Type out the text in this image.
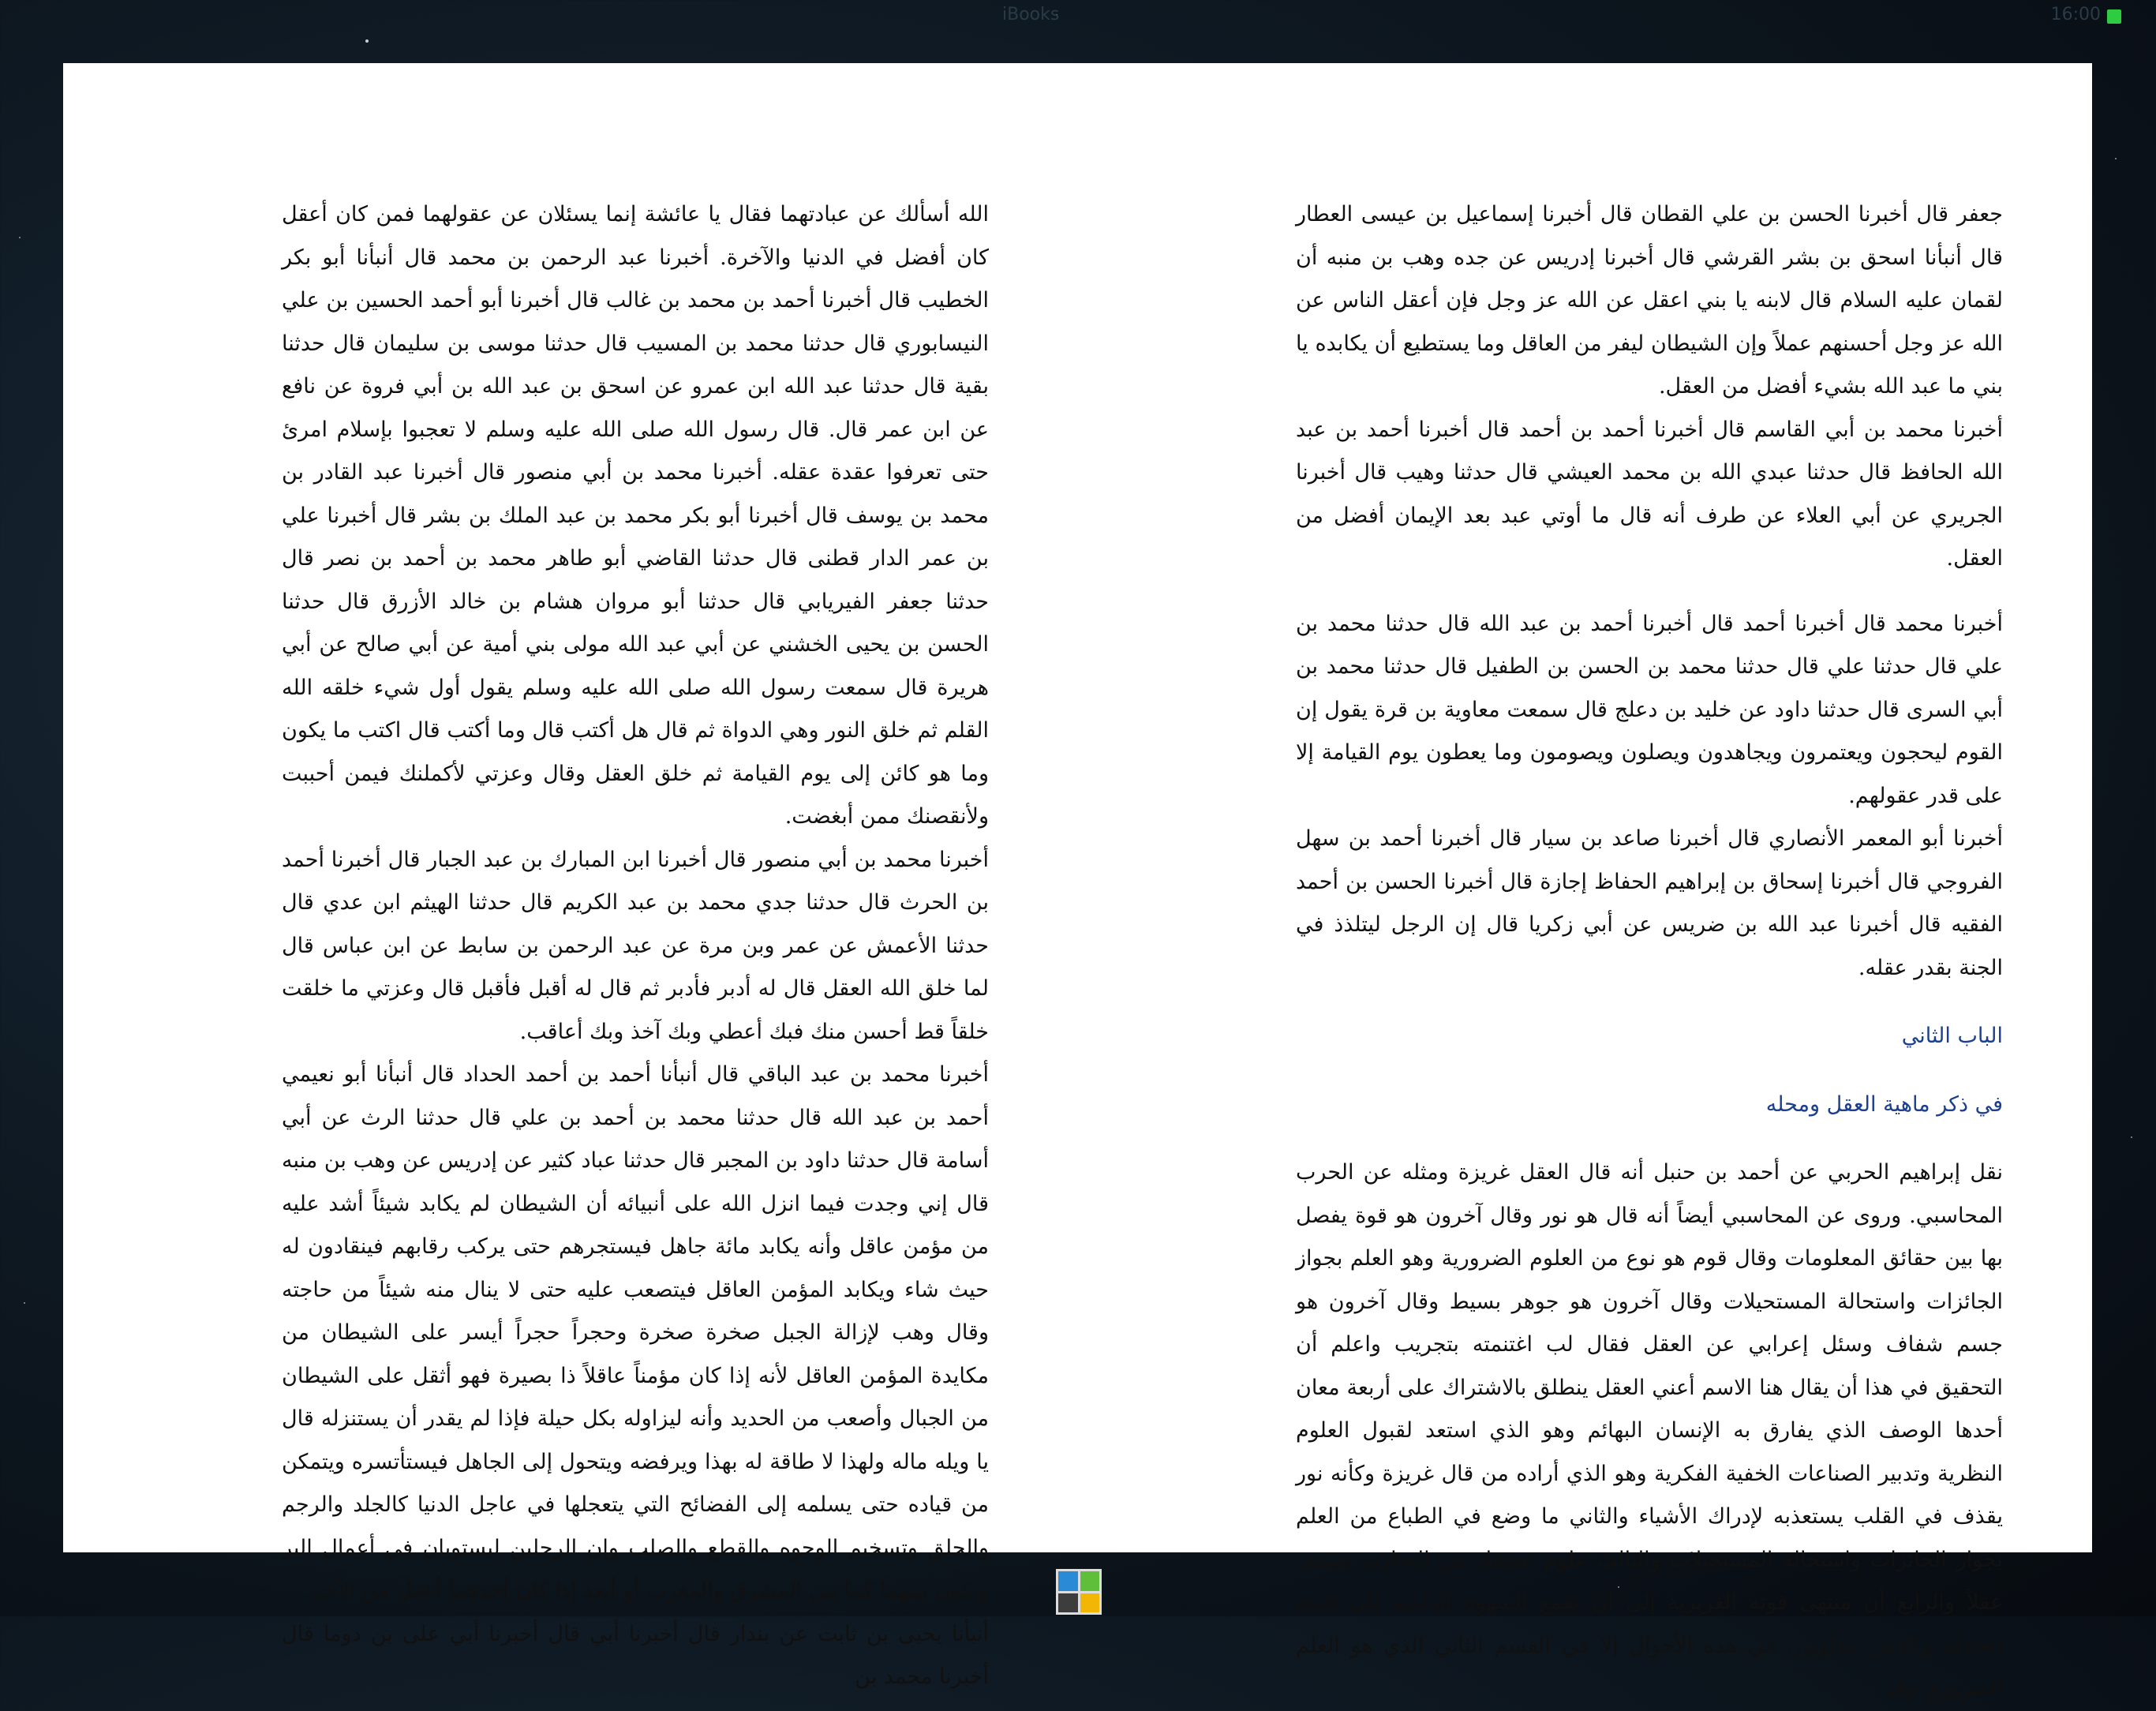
iBooks	16:00

جعفر قال أخبرنا الحسن بن علي القطان قال أخبرنا إسماعيل بن عيسى العطار قال أنبأنا اسحق بن بشر القرشي قال أخبرنا إدريس عن جده وهب بن منبه أن لقمان عليه السلام قال لابنه يا بني اعقل عن الله عز وجل فإن أعقل الناس عن الله عز وجل أحسنهم عملاً وإن الشيطان ليفر من العاقل وما يستطيع أن يكابده يا بني ما عبد الله بشيء أفضل من العقل.

أخبرنا محمد بن أبي القاسم قال أخبرنا أحمد بن أحمد قال أخبرنا أحمد بن عبد الله الحافظ قال حدثنا عبدي الله بن محمد العيشي قال حدثنا وهيب قال أخبرنا الجريري عن أبي العلاء عن طرف أنه قال ما أوتي عبد بعد الإيمان أفضل من العقل.

أخبرنا محمد قال أخبرنا أحمد قال أخبرنا أحمد بن عبد الله قال حدثنا محمد بن علي قال حدثنا علي قال حدثنا محمد بن الحسن بن الطفيل قال حدثنا محمد بن أبي السرى قال حدثنا داود عن خليد بن دعلج قال سمعت معاوية بن قرة يقول إن القوم ليحجون ويعتمرون ويجاهدون ويصلون ويصومون وما يعطون يوم القيامة إلا على قدر عقولهم.

أخبرنا أبو المعمر الأنصاري قال أخبرنا صاعد بن سيار قال أخبرنا أحمد بن سهل الفروجي قال أخبرنا إسحاق بن إبراهيم الحفاظ إجازة قال أخبرنا الحسن بن أحمد الفقيه قال أخبرنا عبد الله بن ضريس عن أبي زكريا قال إن الرجل ليتلذذ في الجنة بقدر عقله.

الباب الثاني

في ذكر ماهية العقل ومحله

نقل إبراهيم الحربي عن أحمد بن حنبل أنه قال العقل غريزة ومثله عن الحرب المحاسبي. وروى عن المحاسبي أيضاً أنه قال هو نور وقال آخرون هو قوة يفصل بها بين حقائق المعلومات وقال قوم هو نوع من العلوم الضرورية وهو العلم بجواز الجائزات واستحالة المستحيلات وقال آخرون هو جوهر بسيط وقال آخرون هو جسم شفاف وسئل إعرابي عن العقل فقال لب اغتنمته بتجريب واعلم أن التحقيق في هذا أن يقال هنا الاسم أعني العقل ينطلق بالاشتراك على أربعة معان أحدها الوصف الذي يفارق به الإنسان البهائم وهو الذي استعد لقبول العلوم النظرية وتدبير الصناعات الخفية الفكرية وهو الذي أراده من قال غريزة وكأنه نور يقذف في القلب يستعذبه لإدراك الأشياء والثاني ما وضع في الطباع من العلم بجواز الجائزات واستحالة المستحيلات والثالث علوم تستفاد من التجارب تسمى عقلاً والرابع أن منتهى قوته الغريزية إلى أن نقمع الشهوة الداعية إلى اللذة العاجلة والناس يتفاوتون في هذه الأحوال إلا في القسم الثاني الذي هو العلم الضروري وقد

الله أسألك عن عبادتهما فقال يا عائشة إنما يسئلان عن عقولهما فمن كان أعقل كان أفضل في الدنيا والآخرة. أخبرنا عبد الرحمن بن محمد قال أنبأنا أبو بكر الخطيب قال أخبرنا أحمد بن محمد بن غالب قال أخبرنا أبو أحمد الحسين بن علي النيسابوري قال حدثنا محمد بن المسيب قال حدثنا موسى بن سليمان قال حدثنا بقية قال حدثنا عبد الله ابن عمرو عن اسحق بن عبد الله بن أبي فروة عن نافع عن ابن عمر قال. قال رسول الله صلى الله عليه وسلم لا تعجبوا بإسلام امرئ حتى تعرفوا عقدة عقله. أخبرنا محمد بن أبي منصور قال أخبرنا عبد القادر بن محمد بن يوسف قال أخبرنا أبو بكر محمد بن عبد الملك بن بشر قال أخبرنا علي بن عمر الدار قطنى قال حدثنا القاضي أبو طاهر محمد بن أحمد بن نصر قال حدثنا جعفر الفيريابي قال حدثنا أبو مروان هشام بن خالد الأزرق قال حدثنا الحسن بن يحيى الخشني عن أبي عبد الله مولى بني أمية عن أبي صالح عن أبي هريرة قال سمعت رسول الله صلى الله عليه وسلم يقول أول شيء خلقه الله القلم ثم خلق النور وهي الدواة ثم قال هل أكتب قال وما أكتب قال اكتب ما يكون وما هو كائن إلى يوم القيامة ثم خلق العقل وقال وعزتي لأكملنك فيمن أحببت ولأنقصنك ممن أبغضت.

أخبرنا محمد بن أبي منصور قال أخبرنا ابن المبارك بن عبد الجبار قال أخبرنا أحمد بن الحرث قال حدثنا جدي محمد بن عبد الكريم قال حدثنا الهيثم ابن عدي قال حدثنا الأعمش عن عمر وبن مرة عن عبد الرحمن بن سابط عن ابن عباس قال لما خلق الله العقل قال له أدبر فأدبر ثم قال له أقبل فأقبل قال وعزتي ما خلقت خلقاً قط أحسن منك فبك أعطي وبك آخذ وبك أعاقب.

أخبرنا محمد بن عبد الباقي قال أنبأنا أحمد بن أحمد الحداد قال أنبأنا أبو نعيمي أحمد بن عبد الله قال حدثنا محمد بن أحمد بن علي قال حدثنا الرث عن أبي أسامة قال حدثنا داود بن المجبر قال حدثنا عباد كثير عن إدريس عن وهب بن منبه قال إني وجدت فيما انزل الله على أنبيائه أن الشيطان لم يكابد شيئاً أشد عليه من مؤمن عاقل وأنه يكابد مائة جاهل فيستجرهم حتى يركب رقابهم فينقادون له حيث شاء ويكابد المؤمن العاقل فيتصعب عليه حتى لا ينال منه شيئاً من حاجته وقال وهب لإزالة الجبل صخرة صخرة وحجراً حجراً أيسر على الشيطان من مكايدة المؤمن العاقل لأنه إذا كان مؤمناً عاقلاً ذا بصيرة فهو أثقل على الشيطان من الجبال وأصعب من الحديد وأنه ليزاوله بكل حيلة فإذا لم يقدر أن يستنزله قال يا ويله ماله ولهذا لا طاقة له بهذا ويرفضه ويتحول إلى الجاهل فيستأتسره ويتمكن من قياده حتى يسلمه إلى الفضائح التي يتعجلها في عاجل الدنيا كالجلد والرجم والحلق وتسخيم الوجوه والقطع والصلب وإن الرجلين ليستويان في أعمال البر ويكون بينهما كما بين المشرق والمغرب أو أبعد إذا كان أحدهما أعقل من الآخر.

أنبأنا يحيى بن ثابت عن بندار قال أخبرنا أبي قال أخبرنا أبي على بن دوما قال أخبرنا محمد بن
